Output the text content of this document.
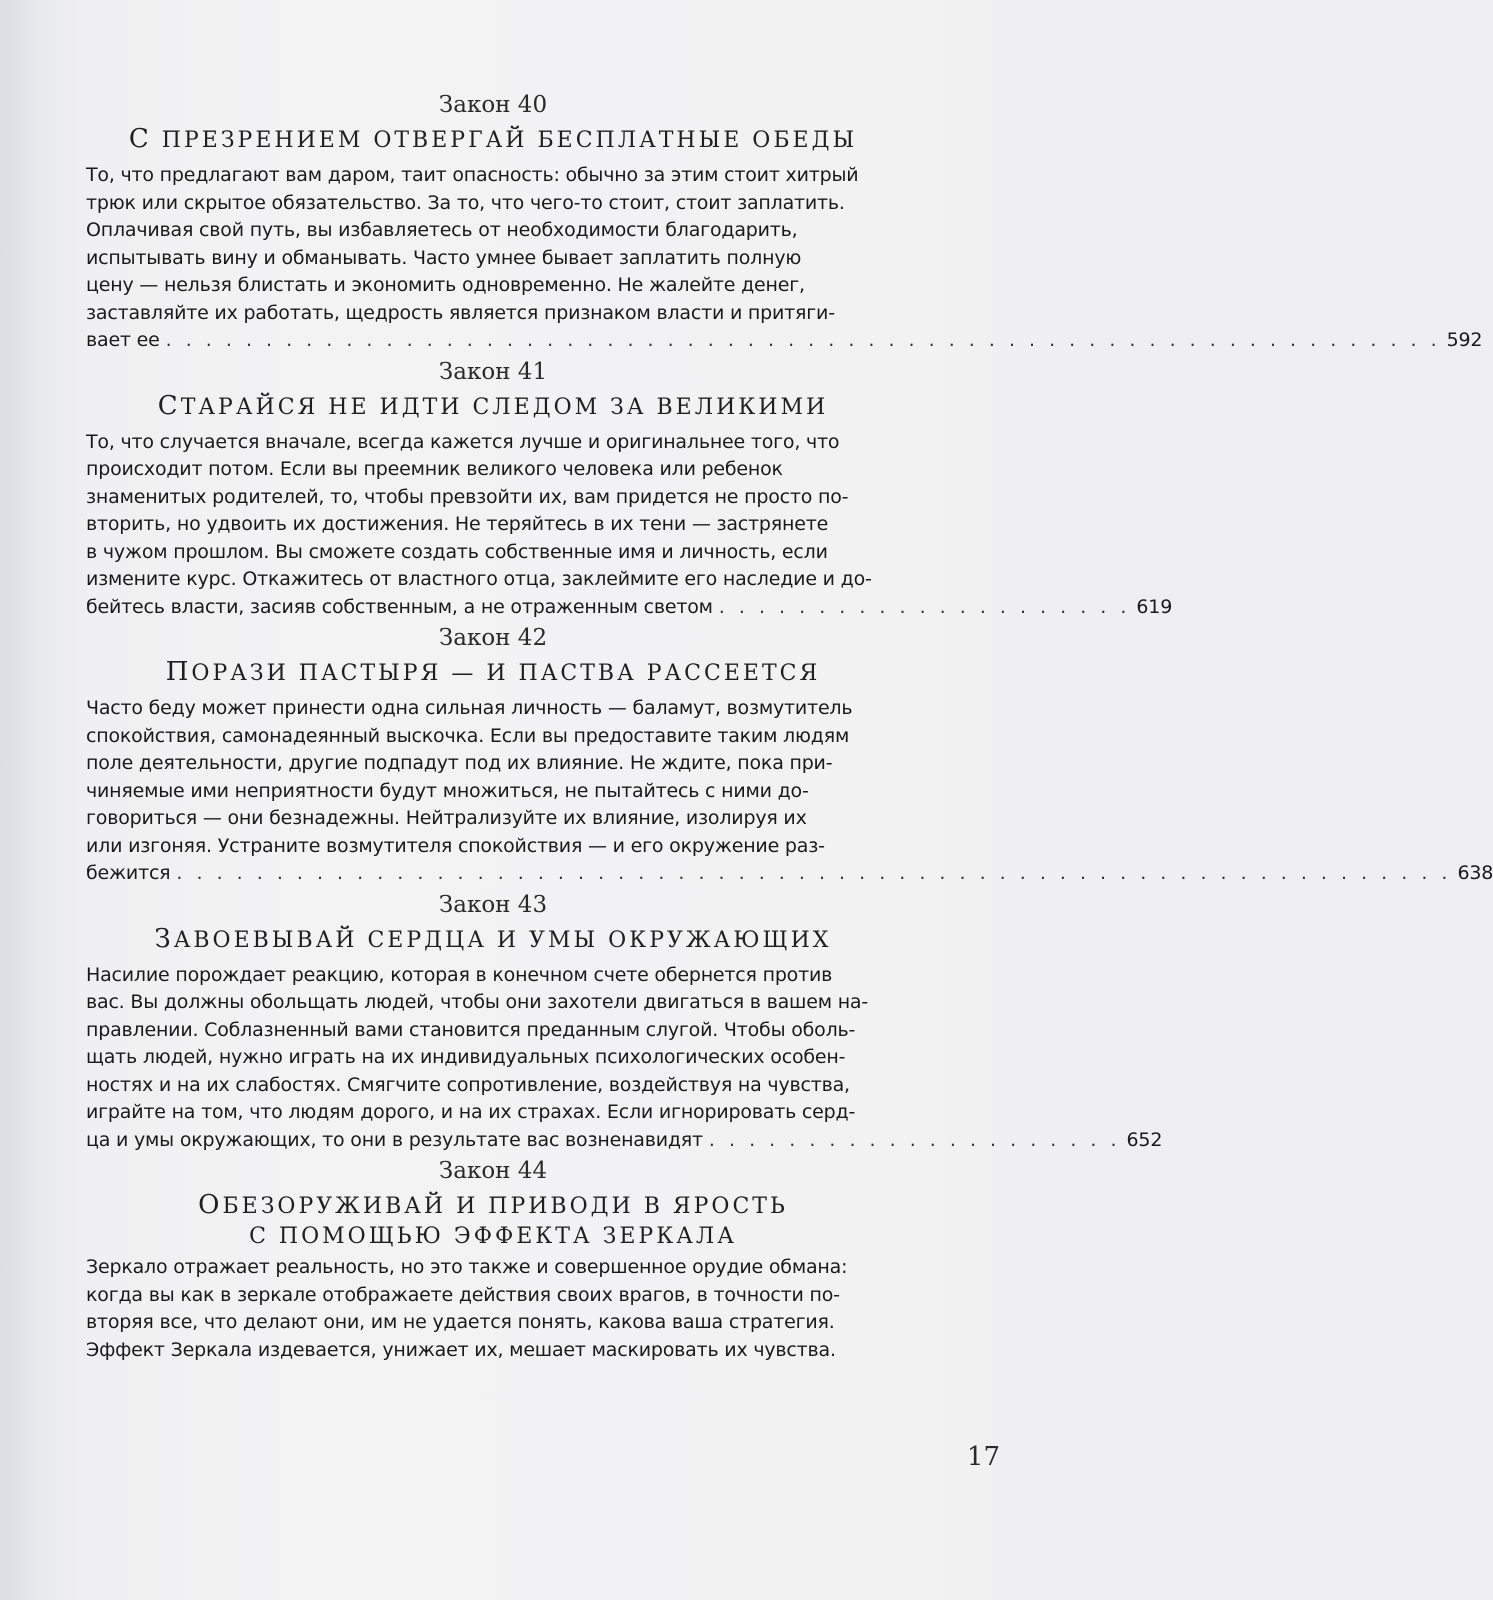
Закон 40
С ПРЕЗРЕНИЕМ ОТВЕРГАЙ БЕСПЛАТНЫЕ ОБЕДЫ
То, что предлагают вам даром, таит опасность: обычно за этим стоит хитрый
трюк или скрытое обязательство. За то, что чего-то стоит, стоит заплатить.
Оплачивая свой путь, вы избавляетесь от необходимости благодарить,
испытывать вину и обманывать. Часто умнее бывает заплатить полную
цену — нельзя блистать и экономить одновременно. Не жалейте денег,
заставляйте их работать, щедрость является признаком власти и притяги-
вает ее . . . . . . . . . . . . . . . . . . . . . . . . . . . . . . . . . . . . . . . . . . . . . . . . . . . . . . . . . . . . . . . . 592
Закон 41
СТАРАЙСЯ НЕ ИДТИ СЛЕДОМ ЗА ВЕЛИКИМИ
То, что случается вначале, всегда кажется лучше и оригинальнее того, что
происходит потом. Если вы преемник великого человека или ребенок
знаменитых родителей, то, чтобы превзойти их, вам придется не просто по-
вторить, но удвоить их достижения. Не теряйтесь в их тени — застрянете
в чужом прошлом. Вы сможете создать собственные имя и личность, если
измените курс. Откажитесь от властного отца, заклеймите его наследие и до-
бейтесь власти, засияв собственным, а не отраженным светом . . . . . . . . . . . . . . . . . . . . . 619
Закон 42
ПОРАЗИ ПАСТЫРЯ — И ПАСТВА РАССЕЕТСЯ
Часто беду может принести одна сильная личность — баламут, возмутитель
спокойствия, самонадеянный выскочка. Если вы предоставите таким людям
поле деятельности, другие подпадут под их влияние. Не ждите, пока при-
чиняемые ими неприятности будут множиться, не пытайтесь с ними до-
говориться — они безнадежны. Нейтрализуйте их влияние, изолируя их
или изгоняя. Устраните возмутителя спокойствия — и его окружение раз-
бежится . . . . . . . . . . . . . . . . . . . . . . . . . . . . . . . . . . . . . . . . . . . . . . . . . . . . . . . . . . . . . . . . 638
Закон 43
ЗАВОЕВЫВАЙ СЕРДЦА И УМЫ ОКРУЖАЮЩИХ
Насилие порождает реакцию, которая в конечном счете обернется против
вас. Вы должны обольщать людей, чтобы они захотели двигаться в вашем на-
правлении. Соблазненный вами становится преданным слугой. Чтобы оболь-
щать людей, нужно играть на их индивидуальных психологических особен-
ностях и на их слабостях. Смягчите сопротивление, воздействуя на чувства,
играйте на том, что людям дорого, и на их страхах. Если игнорировать серд-
ца и умы окружающих, то они в результате вас возненавидят . . . . . . . . . . . . . . . . . . . . . 652
Закон 44
ОБЕЗОРУЖИВАЙ И ПРИВОДИ В ЯРОСТЬ
С ПОМОЩЬЮ ЭФФЕКТА ЗЕРКАЛА
Зеркало отражает реальность, но это также и совершенное орудие обмана:
когда вы как в зеркале отображаете действия своих врагов, в точности по-
вторяя все, что делают они, им не удается понять, какова ваша стратегия.
Эффект Зеркала издевается, унижает их, мешает маскировать их чувства.
17
